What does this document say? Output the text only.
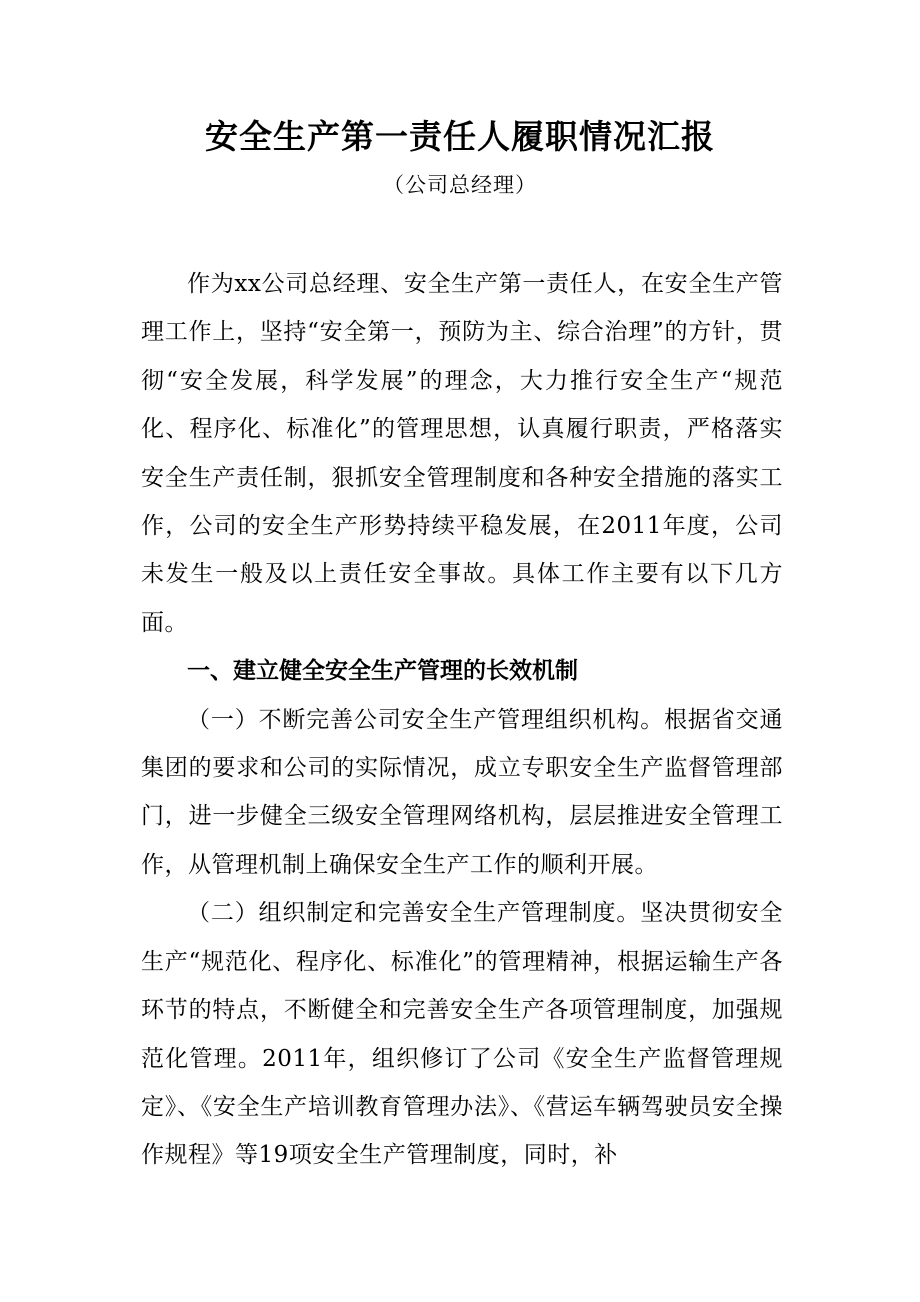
安全生产第一责任人履职情况汇报
（公司总经理）

作为xx公司总经理、安全生产第一责任人，在安全生产管理工作上，坚持“安全第一，预防为主、综合治理”的方针，贯彻“安全发展，科学发展”的理念，大力推行安全生产“规范化、程序化、标准化”的管理思想，认真履行职责，严格落实安全生产责任制，狠抓安全管理制度和各种安全措施的落实工作，公司的安全生产形势持续平稳发展，在2011年度，公司未发生一般及以上责任安全事故。具体工作主要有以下几方面。

一、建立健全安全生产管理的长效机制

（一）不断完善公司安全生产管理组织机构。根据省交通集团的要求和公司的实际情况，成立专职安全生产监督管理部门，进一步健全三级安全管理网络机构，层层推进安全管理工作，从管理机制上确保安全生产工作的顺利开展。

（二）组织制定和完善安全生产管理制度。坚决贯彻安全生产“规范化、程序化、标准化”的管理精神，根据运输生产各环节的特点，不断健全和完善安全生产各项管理制度，加强规范化管理。2011年，组织修订了公司《安全生产监督管理规定》、《安全生产培训教育管理办法》、《营运车辆驾驶员安全操作规程》等19项安全生产管理制度，同时，补
